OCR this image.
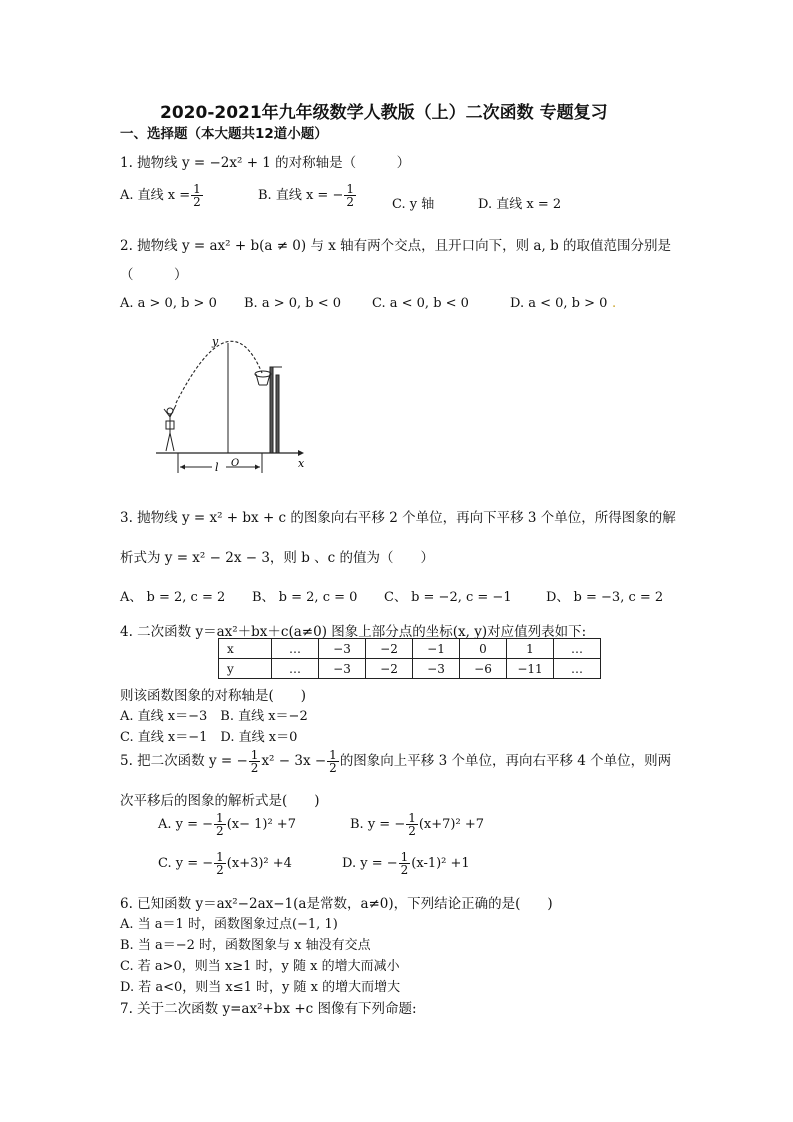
2020-2021年九年级数学人教版（上）二次函数 专题复习
一、选择题（本大题共12道小题）
1. 抛物线 y = −2x² + 1 的对称轴是（　　　）
A. 直线 $x = \frac{1}{2}$	B. 直线 x = − $\frac{1}{2}$	C. y 轴	D. 直线 x = 2
2. 抛物线 y = ax² + b(a ≠ 0) 与 x 轴有两个交点，且开口向下，则 a, b 的取值范围分别是
（　　　）
A. a > 0, b > 0 B. a > 0, b < 0 C. a < 0, b < 0	D. a < 0, b > 0 .
x
y
O
l
3. 抛物线 y = x² + bx + c 的图象向右平移 2 个单位，再向下平移 3 个单位，所得图象的解
析式为 y = x² − 2x − 3，则 b 、c 的值为（　　）
A、 b = 2, c = 2 B、 b = 2, c = 0 C、 b = −2, c = −1	D、 b = −3, c = 2
4. 二次函数 y＝ax²＋bx＋c(a≠0) 图象上部分点的坐标(x, y)对应值列表如下:
x	…	−3	−2	−1	0	1	…
y	…	−3	−2	−3	−6	−11	…
则该函数图象的对称轴是(　　)
A. 直线 x＝−3　B. 直线 x＝−2
C. 直线 x＝−1　D. 直线 x＝0
5. 把二次函数 y = − $\frac{1}{2} x^2 - 3x - \frac{1}{2}$ 的图象向上平移 3 个单位，再向右平移 4 个单位，则两
次平移后的图象的解析式是(　　)
A. y = − $\frac{1}{2} (x- 1)^2 +7$	B. y = − $\frac{1}{2} (x+7)^2 +7$
C. y = − $\frac{1}{2} (x+3)^2 +4$	D. y = − $\frac{1}{2} (x-1)^2 +1$
6. 已知函数 y＝ax²−2ax−1(a是常数，a≠0)，下列结论正确的是(　　)
A. 当 a＝1 时，函数图象过点(−1, 1)
B. 当 a＝−2 时，函数图象与 x 轴没有交点
C. 若 a>0，则当 x≥1 时，y 随 x 的增大而减小
D. 若 a<0，则当 x≤1 时，y 随 x 的增大而增大
7. 关于二次函数 y=ax²+bx +c 图像有下列命题:
